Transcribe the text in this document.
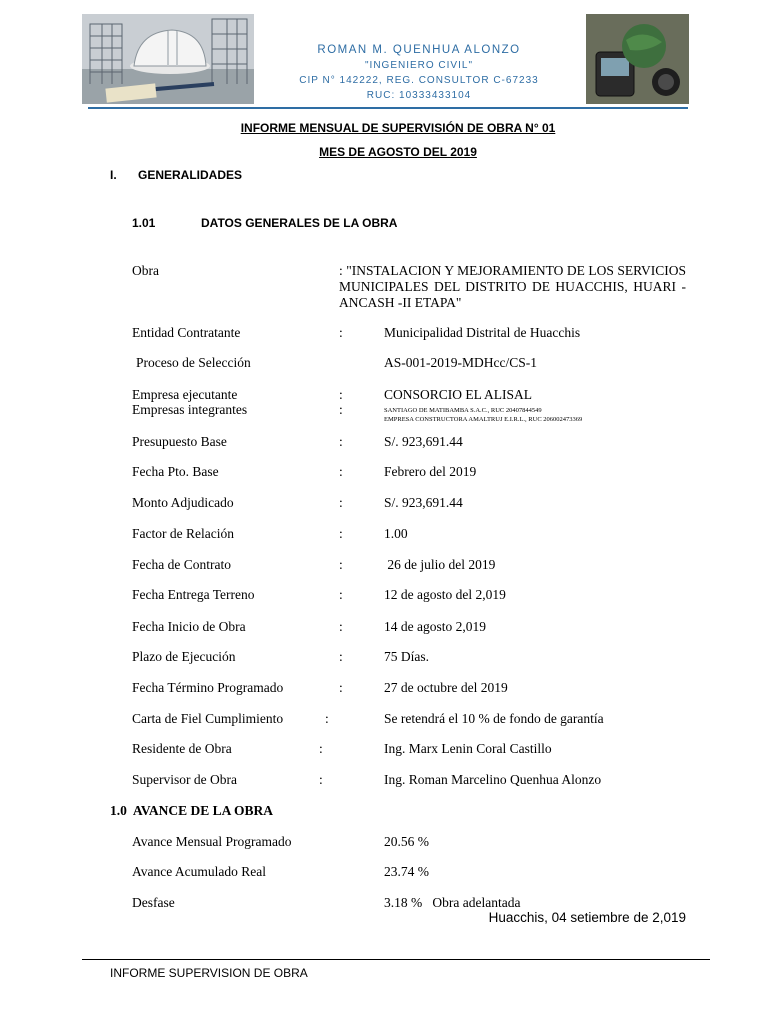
ROMAN M. QUENHUA ALONZO
"INGENIERO CIVIL"
CIP N° 142222, REG. CONSULTOR C-67233
RUC: 10333433104
INFORME MENSUAL DE SUPERVISIÓN DE OBRA N° 01
MES DE AGOSTO DEL 2019
I. GENERALIDADES
1.01	DATOS GENERALES DE LA OBRA
Obra	: "INSTALACION Y MEJORAMIENTO DE LOS SERVICIOS MUNICIPALES DEL DISTRITO DE HUACCHIS, HUARI - ANCASH -II ETAPA"
Entidad Contratante	:	Municipalidad Distrital de Huacchis
Proceso de Selección	AS-001-2019-MDHcc/CS-1
Empresa ejecutante	:	CONSORCIO EL ALISAL
Empresas integrantes	:	SANTIAGO DE MATIBAMBA S.A.C., RUC 20407844549
EMPRESA CONSTRUCTORA AMALTRUJ E.I.R.L., RUC 206002473369
Presupuesto Base	:	S/. 923,691.44
Fecha Pto. Base	:	Febrero del 2019
Monto Adjudicado	:	S/. 923,691.44
Factor de Relación	:	1.00
Fecha de Contrato	:	26 de julio del 2019
Fecha Entrega Terreno	:	12 de agosto del 2,019
Fecha Inicio de Obra	:	14 de agosto 2,019
Plazo de Ejecución	:	75 Días.
Fecha Término Programado	:	27 de octubre del 2019
Carta de Fiel Cumplimiento	:	Se retendrá el 10 % de fondo de garantía
Residente de Obra	:	Ing. Marx Lenin Coral Castillo
Supervisor de Obra	:	Ing. Roman Marcelino Quenhua Alonzo
1.0  AVANCE DE LA OBRA
Avance Mensual Programado	20.56 %
Avance Acumulado Real	23.74 %
Desfase	3.18 %   Obra adelantada
Huacchis, 04 setiembre de 2,019
INFORME SUPERVISION DE OBRA
